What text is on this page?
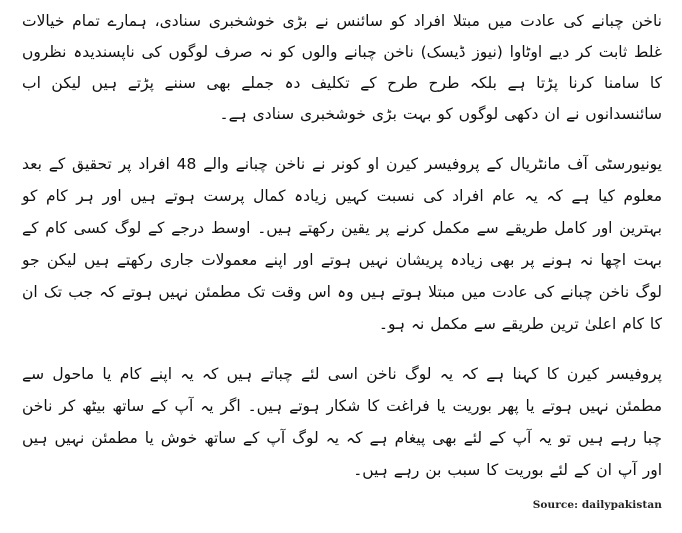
ناخن چبانے کی عادت میں مبتلا افراد کو سائنس نے بڑی خوشخبری سنادی، ہمارے تمام خیالات غلط ثابت کر دیے اوٹاوا (نیوز ڈیسک) ناخن چبانے والوں کو نہ صرف لوگوں کی ناپسندیدہ نظروں کا سامنا کرنا پڑتا ہے بلکہ طرح طرح کے تکلیف دہ جملے بھی سننے پڑتے ہیں لیکن اب سائنسدانوں نے ان دکھی لوگوں کو بہت بڑی خوشخبری سنادی ہے۔

یونیورسٹی آف مانٹریال کے پروفیسر کیرن او کونر نے ناخن چبانے والے 48 افراد پر تحقیق کے بعد معلوم کیا ہے کہ یہ عام افراد کی نسبت کہیں زیادہ کمال پرست ہوتے ہیں اور ہر کام کو بہترین اور کامل طریقے سے مکمل کرنے پر یقین رکھتے ہیں۔ اوسط درجے کے لوگ کسی کام کے بہت اچھا نہ ہونے پر بھی زیادہ پریشان نہیں ہوتے اور اپنے معمولات جاری رکھتے ہیں لیکن جو لوگ ناخن چبانے کی عادت میں مبتلا ہوتے ہیں وہ اس وقت تک مطمئن نہیں ہوتے کہ جب تک ان کا کام اعلیٰ ترین طریقے سے مکمل نہ ہو۔

پروفیسر کیرن کا کہنا ہے کہ یہ لوگ ناخن اسی لئے چباتے ہیں کہ یہ اپنے کام یا ماحول سے مطمئن نہیں ہوتے یا پھر بوریت یا فراغت کا شکار ہوتے ہیں۔ اگر یہ آپ کے ساتھ بیٹھ کر ناخن چبا رہے ہیں تو یہ آپ کے لئے بھی پیغام ہے کہ یہ لوگ آپ کے ساتھ خوش یا مطمئن نہیں ہیں اور آپ ان کے لئے بوریت کا سبب بن رہے ہیں۔

Source: dailypakistan
